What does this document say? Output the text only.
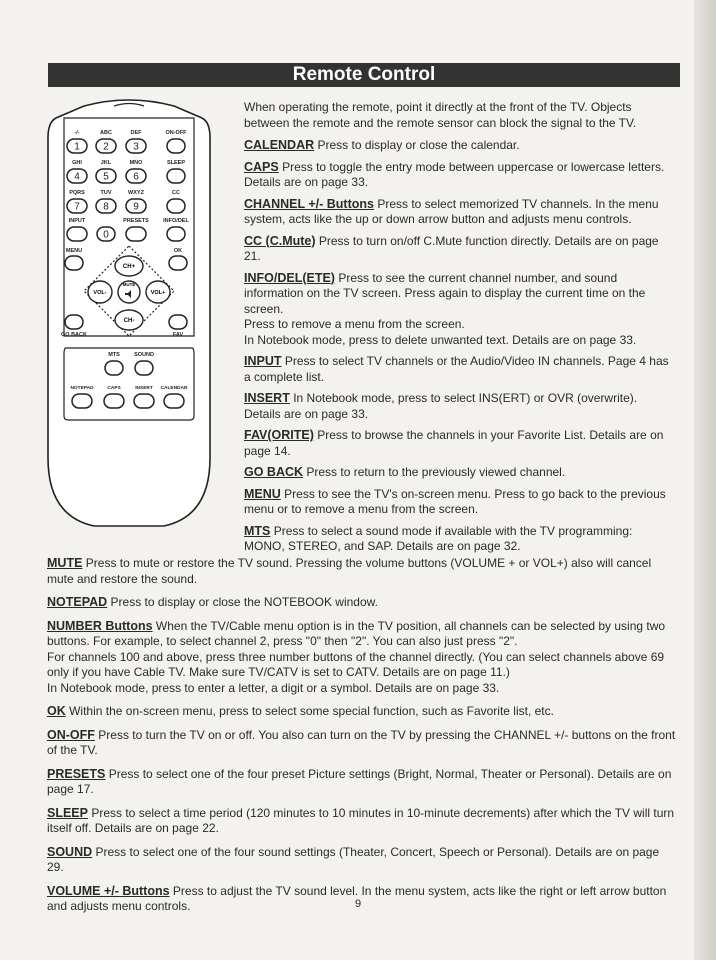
Remote Control
-/-	ABC	DEF	ON-OFF
GHI	JKL	MNO	SLEEP
PQRS	TUV	WXYZ	CC
INPUT	PRESETS	INFO/DEL
MENU	OK
GO BACK	FAV
MTS	SOUND
NOTEPAD	CAPS	INSERT CALENDAR
1 2 3
4 5 6
7 8 9
0
CH+
CH-
VOL-	VOL+
MUTE
When operating the remote, point it directly at the front of the TV. Objects between the remote and the remote sensor can block the signal to the TV.
CALENDAR Press to display or close the calendar.
CAPS Press to toggle the entry mode between uppercase or lowercase letters. Details are on page 33.
CHANNEL +/- Buttons Press to select memorized TV channels. In the menu system, acts like the up or down arrow button and adjusts menu controls.
CC (C.Mute) Press to turn on/off C.Mute function directly. Details are on page 21.
INFO/DEL(ETE) Press to see the current channel number, and sound information on the TV screen. Press again to display the current time on the screen.
Press to remove a menu from the screen.
In Notebook mode, press to delete unwanted text. Details are on page 33.
INPUT Press to select TV channels or the Audio/Video IN channels. Page 4 has a complete list.
INSERT In Notebook mode, press to select INS(ERT) or OVR (overwrite). Details are on page 33.
FAV(ORITE) Press to browse the channels in your Favorite List. Details are on page 14.
GO BACK Press to return to the previously viewed channel.
MENU Press to see the TV's on-screen menu. Press to go back to the previous menu or to remove a menu from the screen.
MTS Press to select a sound mode if available with the TV programming: MONO, STEREO, and SAP. Details are on page 32.
MUTE Press to mute or restore the TV sound. Pressing the volume buttons (VOLUME + or VOL+) also will cancel mute and restore the sound.
NOTEPAD Press to display or close the NOTEBOOK window.
NUMBER Buttons When the TV/Cable menu option is in the TV position, all channels can be selected by using two buttons. For example, to select channel 2, press "0" then "2". You can also just press "2".
For channels 100 and above, press three number buttons of the channel directly. (You can select channels above 69 only if you have Cable TV. Make sure TV/CATV is set to CATV. Details are on page 11.)
In Notebook mode, press to enter a letter, a digit or a symbol. Details are on page 33.
OK Within the on-screen menu, press to select some special function, such as Favorite list, etc.
ON-OFF Press to turn the TV on or off. You also can turn on the TV by pressing the CHANNEL +/- buttons on the front of the TV.
PRESETS Press to select one of the four preset Picture settings (Bright, Normal, Theater or Personal). Details are on page 17.
SLEEP Press to select a time period (120 minutes to 10 minutes in 10-minute decrements) after which the TV will turn itself off. Details are on page 22.
SOUND Press to select one of the four sound settings (Theater, Concert, Speech or Personal). Details are on page 29.
VOLUME +/- Buttons Press to adjust the TV sound level. In the menu system, acts like the right or left arrow button and adjusts menu controls.	9
